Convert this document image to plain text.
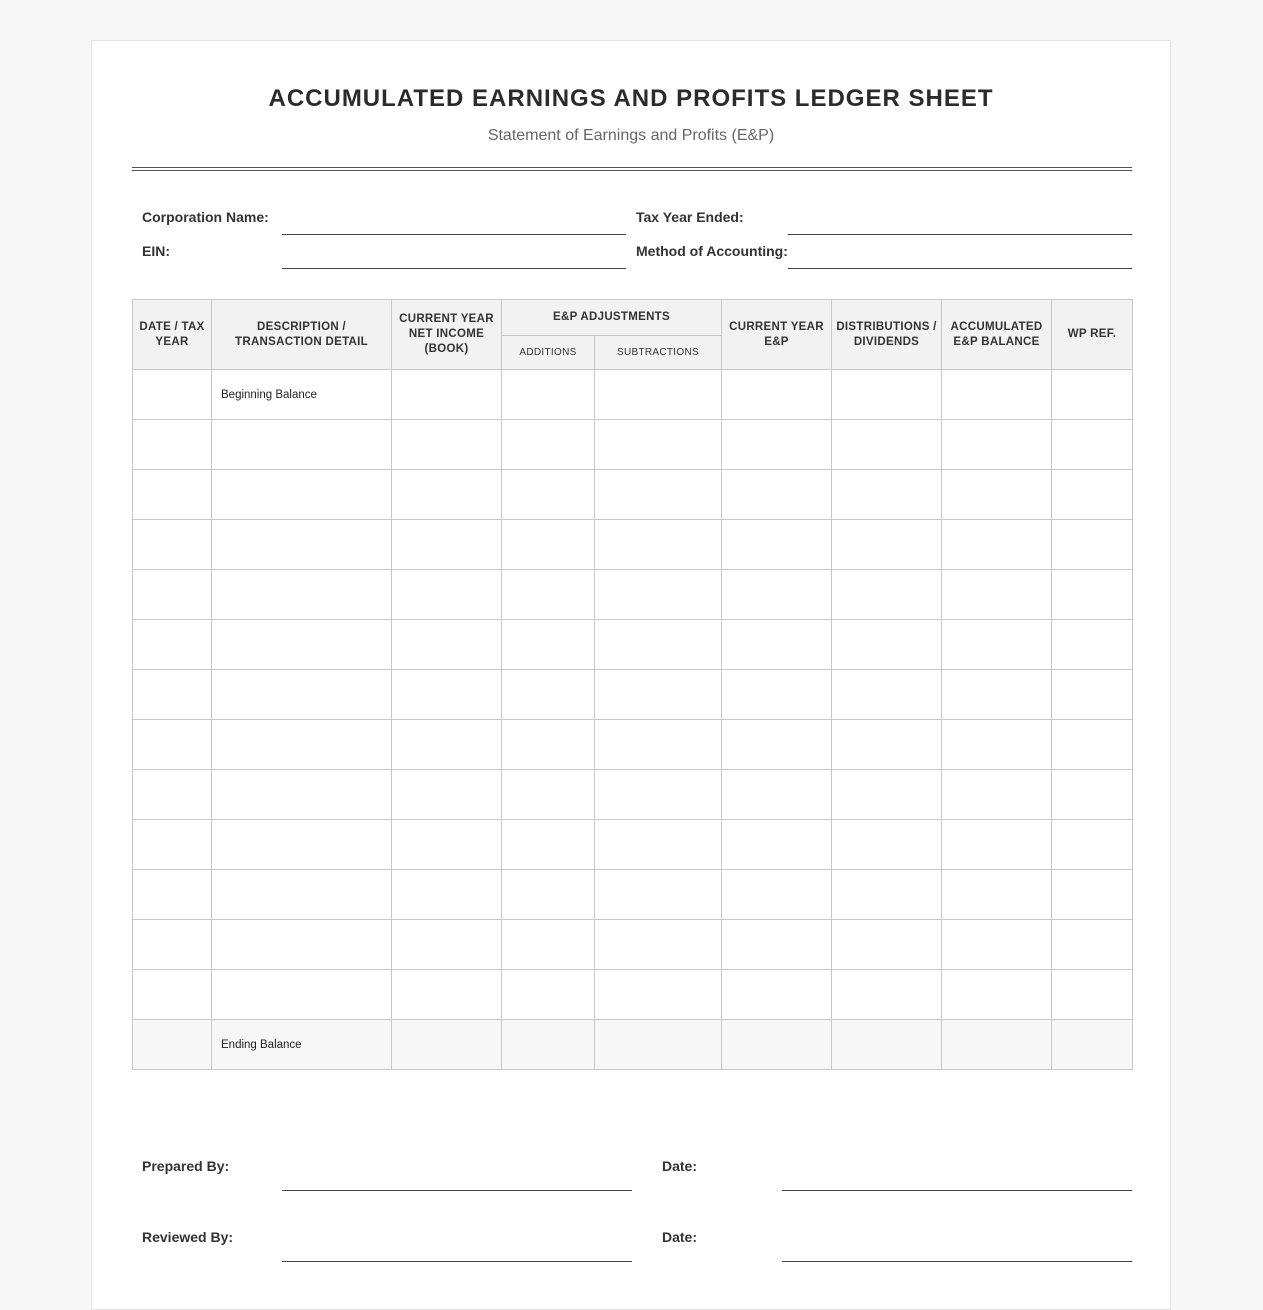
ACCUMULATED EARNINGS AND PROFITS LEDGER SHEET
Statement of Earnings and Profits (E&P)
Corporation Name:	Tax Year Ended:
EIN:	Method of Accounting:
DATE / TAX YEAR	DESCRIPTION / TRANSACTION DETAIL	CURRENT YEAR NET INCOME (BOOK)	E&P ADJUSTMENTS		CURRENT YEAR E&P	DISTRIBUTIONS / DIVIDENDS	ACCUMULATED E&P BALANCE	WP REF.
			ADDITIONS	SUBTRACTIONS				
	Beginning Balance							

	Ending Balance							
Prepared By:	Date:
Reviewed By:	Date:
